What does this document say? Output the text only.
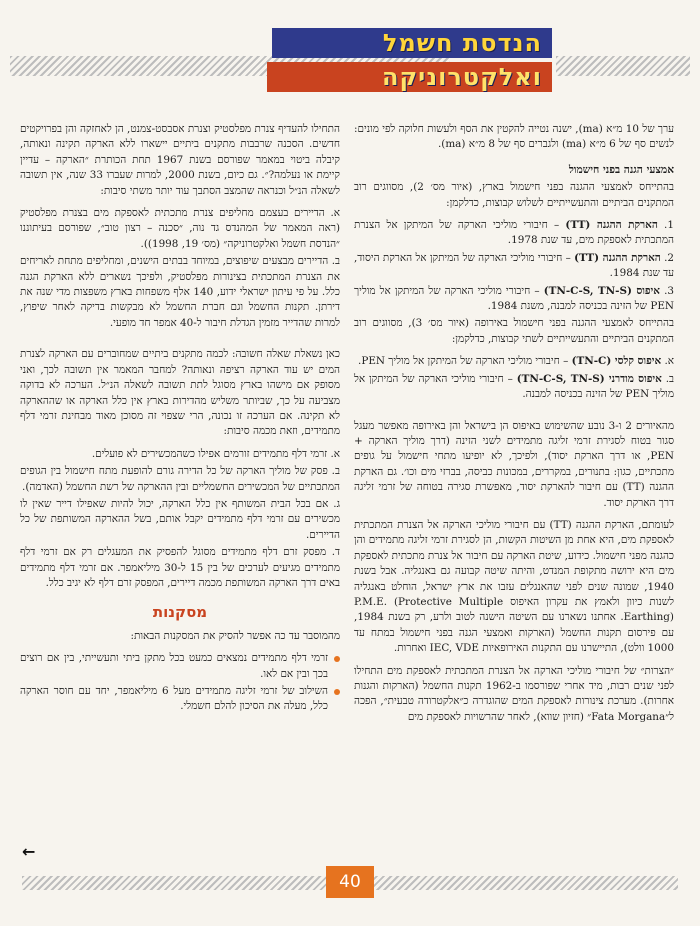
הנדסת חשמל
ואלקטרוניקה

ערך של 10 מ״א (ma), ישנה נטייה להקטין את הסף ולעשות חלוקה לפי מונים: לנשים סף של 6 מ״א (ma) ולגברים סף של 8 מ״א (ma).

אמצעי הגנה בפני חישמול

בהתייחס לאמצעי ההגנה בפני חישמול בארץ, (איור מס׳ 2), מסווגים רוב המתקנים הביתיים והתעשייתיים לשלוש קבוצות, כדלקמן:

1. הארקת ההגנה (TT) – חיבורי מוליכי הארקה של המיתקן אל הצנרת המתכתית לאספקת מים, עד שנת 1978.
2. הארקת ההגנה (TT) – חיבורי מוליכי הארקה של המיתקן אל הארקת היסוד, עד שנת 1984.
3. איפוס (TN-C-S, TN-S) – חיבורי מוליכי הארקה של המיתקן אל מוליך PEN של הזינה בכניסה למבנה, משנת 1984.

בהתייחס לאמצעי ההגנה בפני חישמול באירופה (איור מס׳ 3), מסווגים רוב המתקנים הביתיים והתעשייתיים לשתי קבוצות, כדלקמן:

א. איפוס קלסי (TN-C) – חיבורי מוליכי הארקה של המיתקן אל מוליך PEN.
ב. איפוס מודרני (TN-C-S, TN-S) – חיבורי מוליכי הארקה של המיתקן אל מוליך PEN של הזינה בכניסה למבנה.

מהאיורים 2 ו-3 נובע שהשימוש באיפוס הן בישראל והן באירופה מאפשר מעגל סגור בטוח לסגירת זרמי זליגה מתמידים לשני הזינה (דרך מוליך הארקה + PEN, או דרך הארקת יסוד), ולפיכך, לא יופיעו מתחי חישמול על גופים מתכתיים, כגון: בתנורים, במקררים, במכונות כביסה, בברזי מים וכו׳. גם הארקת ההגנה (TT) עם חיבור להארקת יסוד, מאפשרת סגירה בטוחה של זרמי זליגה דרך הארקת יסוד.

לעומתם, הארקת ההגנה (TT) עם חיבורי מוליכי הארקה אל הצנרת המתכתית לאספקת מים, היא אחת מן השיטות הקשות, הן לסגירת זרמי זליגה מתמידים והן כהגנה מפני חישמול. כידוע, שיטת הארקה עם חיבור אל צנרת מתכתית לאספקת מים היא ירושה מתקופת המנדט, והיתה שיטה קבועה גם באנגליה. אבל בשנת 1940, שמונה שנים לפני שהאנגלים עזבו את ארץ ישראל, הוחלט באנגליה לשנות כיוון ולאמץ את עקרון האיפוס P.M.E. (Protective Multiple Earthing). אחתנו נשארנו עם השיטה הישנה לטוב ולרע, רק בשנת 1984, עם פירסום תקנות החשמל (הארקות ואמצעי הגנה בפני חישמול במתח עד 1000 וולט), התיישרנו עם התקנות האירופאיות IEC, VDE ואחרות.

״הצרות״ של חיבורי מוליכי הארקה אל הצנרת המתכתית לאספקת מים התחילו לפני שנים רבות, מיד אחרי שפורסמו ב-1962 תקנות החשמל (הארקות והגנות אחרות). מערכת צינורות לאספקת המים שהוגדרה כ״אלקטרודה טבעית״, הפכה ל״Fata Morgana״ (חזיון שווא), לאחר שהרשויות לאספקת מים

התחילו להעדיף צנרת מפלסטיק וצנרת אסבסט-צמנט, הן לאחזקה והן בפרויקטים חדשים. הסכנה שרבבות מתקנים ביתיים יישארו ללא הארקה תקינה ונאותה, קיבלה ביטוי במאמר שפורסם בשנת 1967 תחת הכותרת ״הארקה – עדיין קיימת או נעלמה?״. גם כיום, בשנת 2000, למרות שעברו 33 שנה, אין תשובה לשאלה הנ״ל וכנראה שהמצב הסתבך עוד יותר משתי סיבות:

א. הדיירים בעצמם מחליפים צנרת מתכתית לאספקת מים בצנרת מפלסטיק (ראה המאמר של המהנדס גד נוה, ״סכנה – רצון טוב״, שפורסם בעיתוננו ״הנדסת חשמל ואלקטרוניקה״ (מס׳ 19, 1998)).
ב. הדיירים מבצעים שיפוצים, במיוחד בבתים הישנים, ומחליפים מתחת לאריחים את הצנרת המתכתית בצינורות מפלסטיק, ולפיכך נשארים ללא הארקת הגנה כלל. על פי עיתון ישראלי ידוע, 140 אלף משפחות בארץ משפצות מדי שנה את דירתן. תקנות החשמל וגם חברת החשמל לא מבקשות בדיקה לאחר שיפוץ, למרות שהדייר מזמין הגדלת חיבור ל-40 אמפר חד מופעי.

כאן נשאלת שאלה חשובה: לכמה מתקנים ביתיים שמחוברים עם הארקה לצנרת המים יש עוד הארקה רציפה ונאותה? למחבר המאמר אין תשובה לכך, ואני מסופק אם מישהו בארץ מסוגל לתת תשובה לשאלה הנ״ל. הערכה לא בדוקה מצביעה על כך, שביותר משליש מהדירות בארץ אין כלל הארקה או שההארקה לא תקינה. אם הערכה זו נכונה, הרי שצפוי זה מסוכן מאוד מבחינת זרמי דלף מתמידים, וזאת מכמה סיבות:

א. זרמי דלף מתמידים זורמים אפילו כשהמכשירים לא פועלים.
ב. פסק של מוליך הארקה של כל הדירה גורם להופעת מתח חישמול בין הגופים המתכתיים של המכשירים החשמליים ובין ההארקה של רשת החשמל (האדמה).
ג. אם בכל הבית המשותף אין כלל הארקה, יכול להיות שאפילו דייר שאין לו מכשירים עם זרמי דלף מתמידים יקבל אותם, בשל ההארקה המשותפת של כל הדיירים.
ד. מפסק זרם דלף מתמידים מסוגל להפסיק את המעגלים רק אם זרמי דלף מתמידים מגיעים לערכים של בין 15 ל-30 מיליאמפר. אם זרמי דלף מתמידים באים דרך הארקה המשותפת מכמה דיירים, המפסק זרם דלף לא יגיב כלל.
מסקנות

מהמוסבר עד כה אפשר להסיק את המסקנות הבאות:

זרמי דלף מתמידים נמצאים כמעט בכל מתקן ביתי ותעשייתי, בין אם רוצים בכך ובין אם לאו.
השילוב של זרמי זליגה מתמידים מעל 6 מיליאמפר, יחד עם חוסר הארקה כלל, מעלה את הסיכון להלם חשמלי.
←
40
